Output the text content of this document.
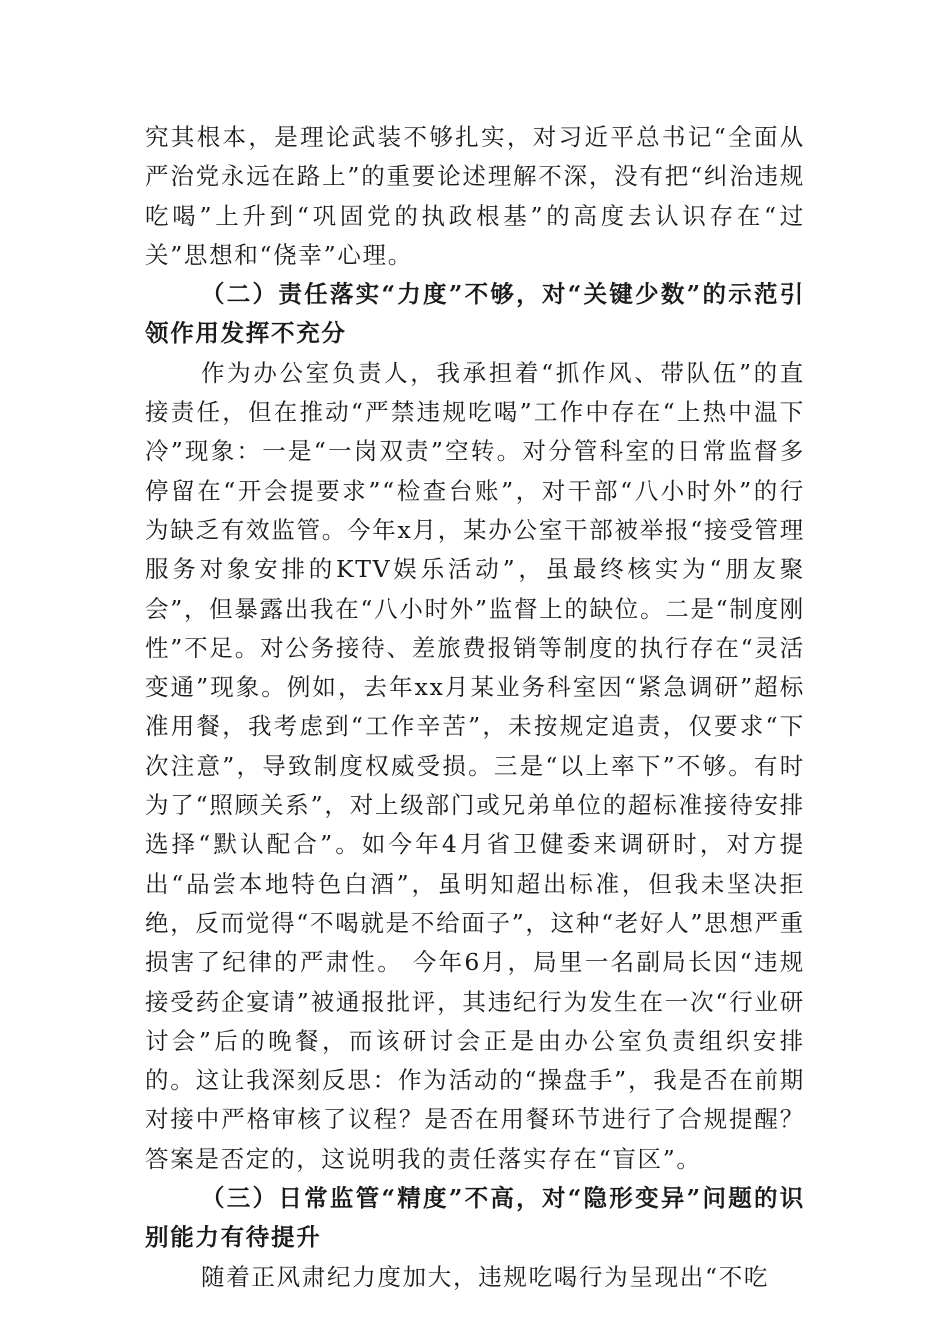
究其根本，是理论武装不够扎实，对习近平总书记“全面从严治党永远在路上”的重要论述理解不深，没有把“纠治违规吃喝”上升到“巩固党的执政根基”的高度去认识存在“过关”思想和“侥幸”心理。

（二）责任落实“力度”不够，对“关键少数”的示范引领作用发挥不充分

作为办公室负责人，我承担着“抓作风、带队伍”的直接责任，但在推动“严禁违规吃喝”工作中存在“上热中温下冷”现象：一是“一岗双责”空转。对分管科室的日常监督多停留在“开会提要求”“检查台账”，对干部“八小时外”的行为缺乏有效监管。今年x月，某办公室干部被举报“接受管理服务对象安排的KTV娱乐活动”，虽最终核实为“朋友聚会”，但暴露出我在“八小时外”监督上的缺位。二是“制度刚性”不足。对公务接待、差旅费报销等制度的执行存在“灵活变通”现象。例如，去年xx月某业务科室因“紧急调研”超标准用餐，我考虑到“工作辛苦”，未按规定追责，仅要求“下次注意”，导致制度权威受损。三是“以上率下”不够。有时为了“照顾关系”，对上级部门或兄弟单位的超标准接待安排选择“默认配合”。如今年4月省卫健委来调研时，对方提出“品尝本地特色白酒”，虽明知超出标准，但我未坚决拒绝，反而觉得“不喝就是不给面子”，这种“老好人”思想严重损害了纪律的严肃性。 今年6月，局里一名副局长因“违规接受药企宴请”被通报批评，其违纪行为发生在一次“行业研讨会”后的晚餐，而该研讨会正是由办公室负责组织安排的。这让我深刻反思：作为活动的“操盘手”，我是否在前期对接中严格审核了议程？是否在用餐环节进行了合规提醒？答案是否定的，这说明我的责任落实存在“盲区”。

（三）日常监管“精度”不高，对“隐形变异”问题的识别能力有待提升

随着正风肃纪力度加大，违规吃喝行为呈现出“不吃
